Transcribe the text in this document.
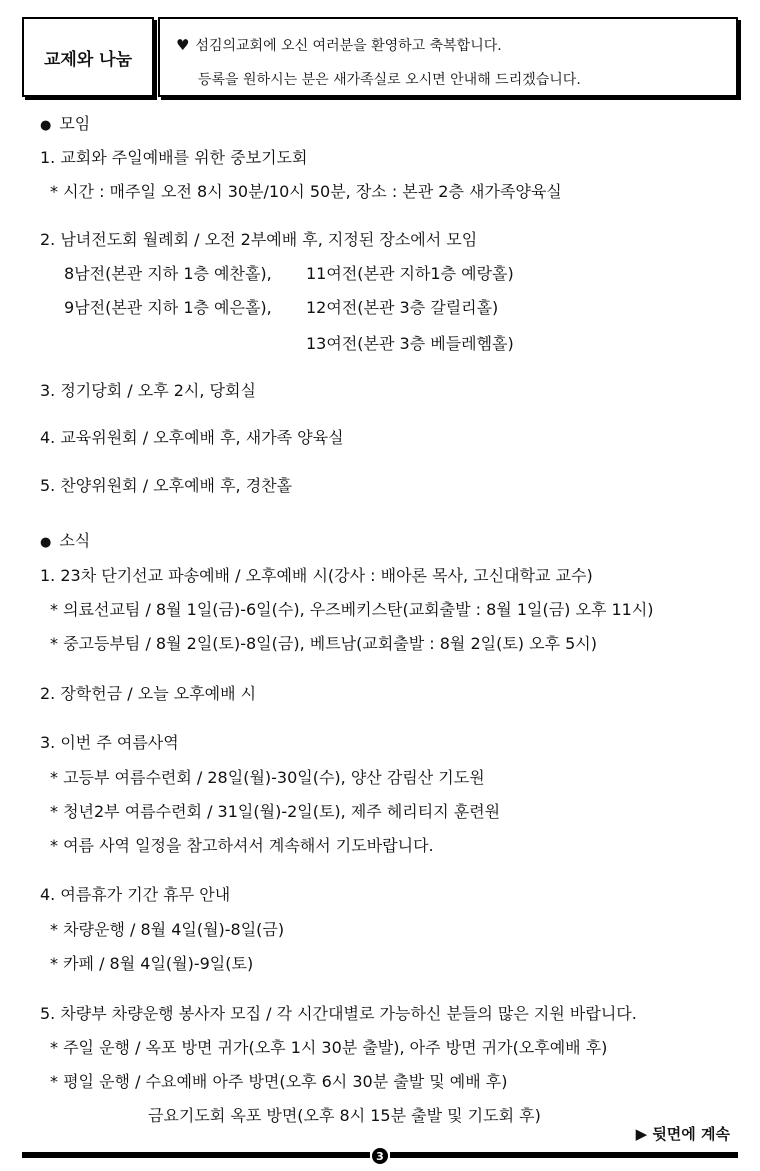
교제와 나눔
♥ 섬김의교회에 오신 여러분을 환영하고 축복합니다.
등록을 원하시는 분은 새가족실로 오시면 안내해 드리겠습니다.
● 모임
1. 교회와 주일예배를 위한 중보기도회
* 시간 : 매주일 오전 8시 30분/10시 50분, 장소 : 본관 2층 새가족양육실
2. 남녀전도회 월례회 / 오전 2부예배 후, 지정된 장소에서 모임
8남전(본관 지하 1층 예찬홀), 11여전(본관 지하1층 예랑홀)
9남전(본관 지하 1층 예은홀), 12여전(본관 3층 갈릴리홀)
13여전(본관 3층 베들레헴홀)
3. 정기당회 / 오후 2시, 당회실
4. 교육위원회 / 오후예배 후, 새가족 양육실
5. 찬양위원회 / 오후예배 후, 경찬홀
● 소식
1. 23차 단기선교 파송예배 / 오후예배 시(강사 : 배아론 목사, 고신대학교 교수)
* 의료선교팀 / 8월 1일(금)-6일(수), 우즈베키스탄(교회출발 : 8월 1일(금) 오후 11시)
* 중고등부팀 / 8월 2일(토)-8일(금), 베트남(교회출발 : 8월 2일(토) 오후 5시)
2. 장학헌금 / 오늘 오후예배 시
3. 이번 주 여름사역
* 고등부 여름수련회 / 28일(월)-30일(수), 양산 감림산 기도원
* 청년2부 여름수련회 / 31일(월)-2일(토), 제주 헤리티지 훈련원
* 여름 사역 일정을 참고하셔서 계속해서 기도바랍니다.
4. 여름휴가 기간 휴무 안내
* 차량운행 / 8월 4일(월)-8일(금)
* 카페 / 8월 4일(월)-9일(토)
5. 차량부 차량운행 봉사자 모집 / 각 시간대별로 가능하신 분들의 많은 지원 바랍니다.
* 주일 운행 / 옥포 방면 귀가(오후 1시 30분 출발), 아주 방면 귀가(오후예배 후)
* 평일 운행 / 수요예배 아주 방면(오후 6시 30분 출발 및 예배 후)
금요기도회 옥포 방면(오후 8시 15분 출발 및 기도회 후)
▶ 뒷면에 계속
3
